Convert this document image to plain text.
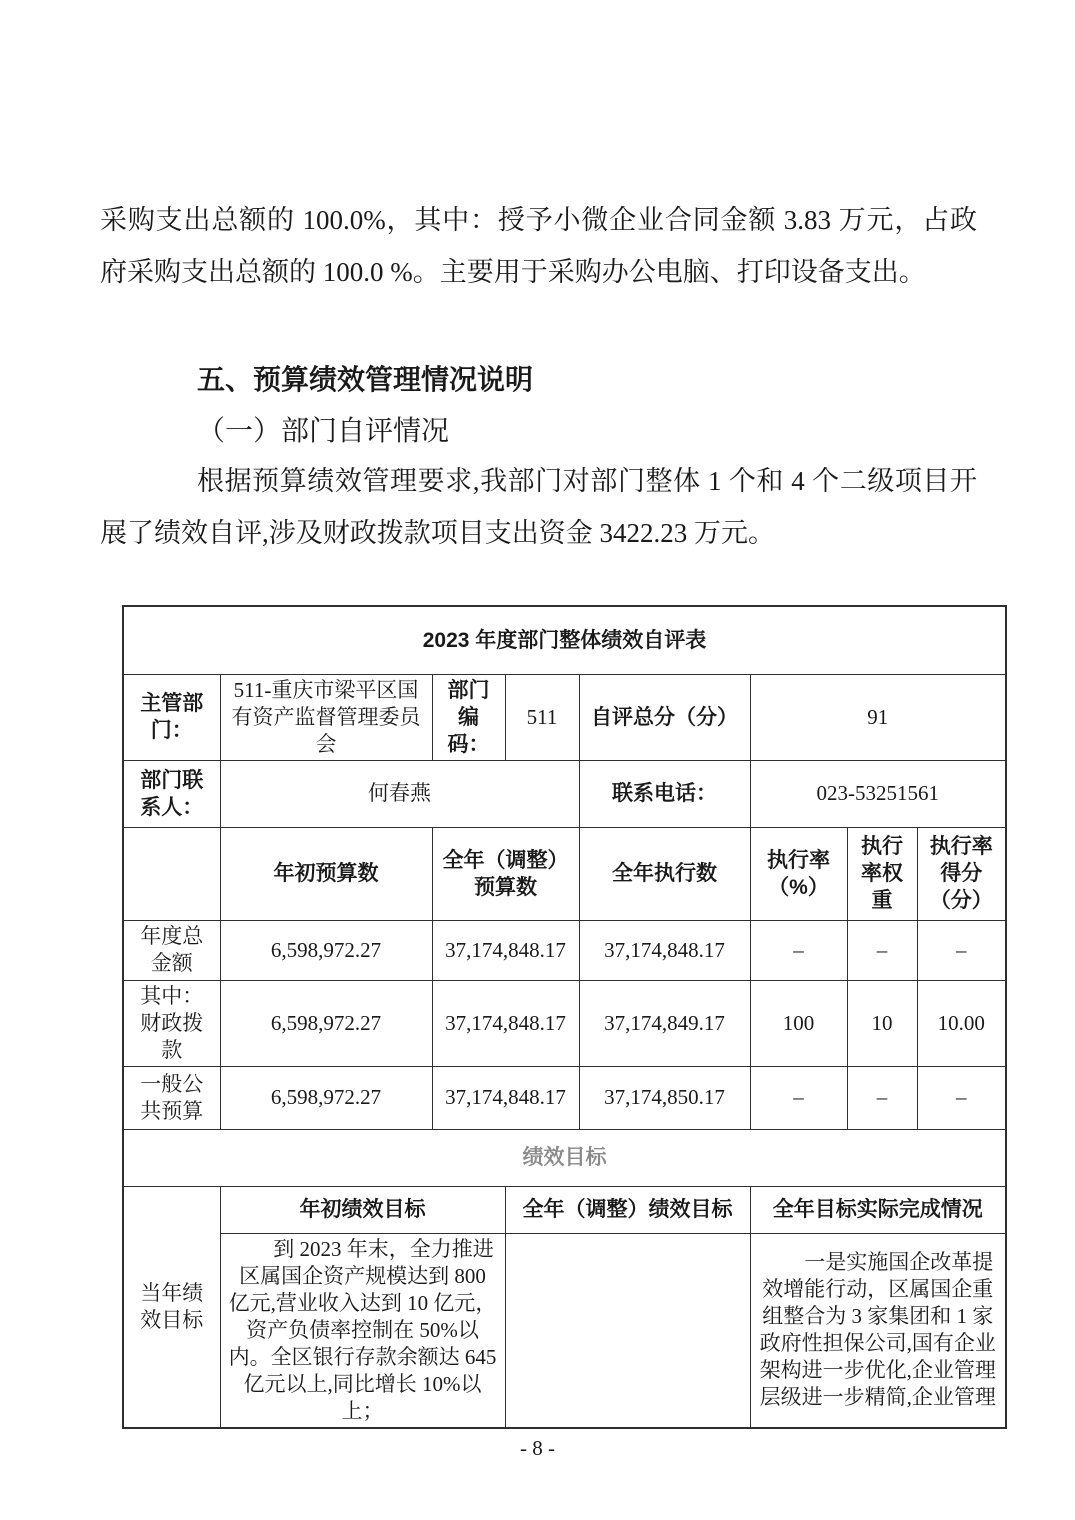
采购支出总额的 100.0%，其中：授予小微企业合同金额 3.83 万元，占政府采购支出总额的 100.0 %。主要用于采购办公电脑、打印设备支出。

五、预算绩效管理情况说明

（一）部门自评情况

根据预算绩效管理要求,我部门对部门整体 1 个和 4 个二级项目开展了绩效自评,涉及财政拨款项目支出资金 3422.23 万元。

2023 年度部门整体绩效自评表							
主管部门：	511-重庆市梁平区国有资产监督管理委员会	部门编码：	511	自评总分（分）	91		
部门联系人：	何春燕			联系电话：	023-53251561		
	年初预算数	全年（调整）预算数		全年执行数	执行率（%）	执行率权重	执行率得分（分）
年度总金额	6,598,972.27	37,174,848.17		37,174,848.17	–	–	–
其中：财政拨款	6,598,972.27	37,174,848.17		37,174,849.17	100	10	10.00
一般公共预算	6,598,972.27	37,174,848.17		37,174,850.17	–	–	–
绩效目标							
当年绩效目标	年初绩效目标		全年（调整）绩效目标		全年目标实际完成情况		

	到 2023 年末，全力推进区属国企资产规模达到 800 亿元,营业收入达到 10 亿元，资产负债率控制在 50%以内。全区银行存款余额达 645 亿元以上,同比增长 10%以上；				一是实施国企改革提效增能行动，区属国企重组整合为 3 家集团和 1 家政府性担保公司,国有企业架构进一步优化,企业管理层级进一步精简,企业管理		

- 8 -
